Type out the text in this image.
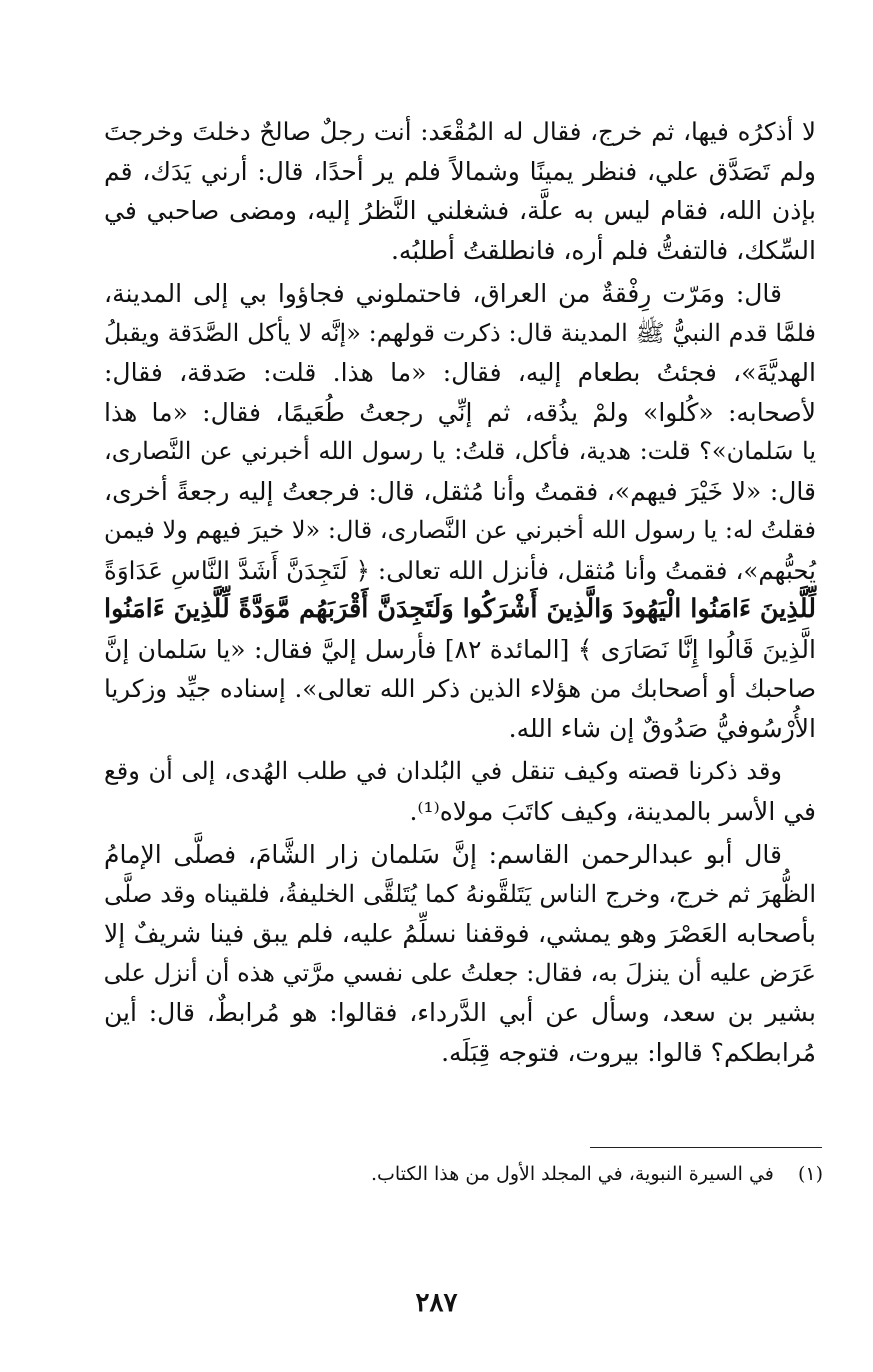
لا أذكرُه فيها، ثم خرج، فقال له المُقْعَد: أنت رجلٌ صالحٌ دخلتَ وخرجتَ
ولم تَصَدَّق علي، فنظر يمينًا وشمالاً فلم ير أحدًا، قال: أرني يَدَك، قم
بإذن الله، فقام ليس به علَّة، فشغلني النَّظرُ إليه، ومضى صاحبي في
السِّكك، فالتفتُّ فلم أره، فانطلقتُ أطلبُه.
قال: ومَرّت رِفْقةٌ من العراق، فاحتملوني فجاؤوا بي إلى المدينة،
فلمَّا قدم النبيُّ ﷺ المدينة قال: ذكرت قولهم: «إنَّه لا يأكل الصَّدَقة ويقبلُ
الهديَّةَ»، فجئتُ بطعام إليه، فقال: «ما هذا. قلت: صَدقة، فقال:
لأصحابه: «كُلوا» ولمْ يذُقه، ثم إنِّي رجعتُ طُعَيمًا، فقال: «ما هذا
يا سَلمان»؟ قلت: هدية، فأكل، قلتُ: يا رسول الله أخبرني عن النَّصارى،
قال: «لا خَيْرَ فيهم»، فقمتُ وأنا مُثقل، قال: فرجعتُ إليه رجعةً أخرى،
فقلتُ له: يا رسول الله أخبرني عن النَّصارى، قال: «لا خيرَ فيهم ولا فيمن
يُحبُّهم»، فقمتُ وأنا مُثقل، فأنزل الله تعالى: ﴿ لَتَجِدَنَّ أَشَدَّ النَّاسِ عَدَاوَةً
لِّلَّذِينَ ءَامَنُوا الْيَهُودَ وَالَّذِينَ أَشْرَكُوا وَلَتَجِدَنَّ أَقْرَبَهُم مَّوَدَّةً لِّلَّذِينَ ءَامَنُوا
الَّذِينَ قَالُوا إِنَّا نَصَارَى ﴾ [المائدة ٨٢] فأرسل إليَّ فقال: «يا سَلمان إنَّ
صاحبك أو أصحابك من هؤلاء الذين ذكر الله تعالى». إسناده جيِّد وزكريا
الأُرْسُوفيُّ صَدُوقٌ إن شاء الله.
وقد ذكرنا قصته وكيف تنقل في البُلدان في طلب الهُدى، إلى أن وقع
في الأسر بالمدينة، وكيف كاتَبَ مولاه⁽¹⁾.
قال أبو عبدالرحمن القاسم: إنَّ سَلمان زار الشَّامَ، فصلَّى الإمامُ
الظُّهرَ ثم خرج، وخرج الناس يَتَلقَّونهُ كما يُتَلقَّى الخليفةُ، فلقيناه وقد صلَّى
بأصحابه العَصْرَ وهو يمشي، فوقفنا نسلِّمُ عليه، فلم يبق فينا شريفٌ إلا
عَرَض عليه أن ينزلَ به، فقال: جعلتُ على نفسي مرَّتي هذه أن أنزل على
بشير بن سعد، وسأل عن أبي الدَّرداء، فقالوا: هو مُرابطٌ، قال: أين
مُرابطكم؟ قالوا: بيروت، فتوجه قِبَلَه.
(١) في السيرة النبوية، في المجلد الأول من هذا الكتاب.
٢٨٧
